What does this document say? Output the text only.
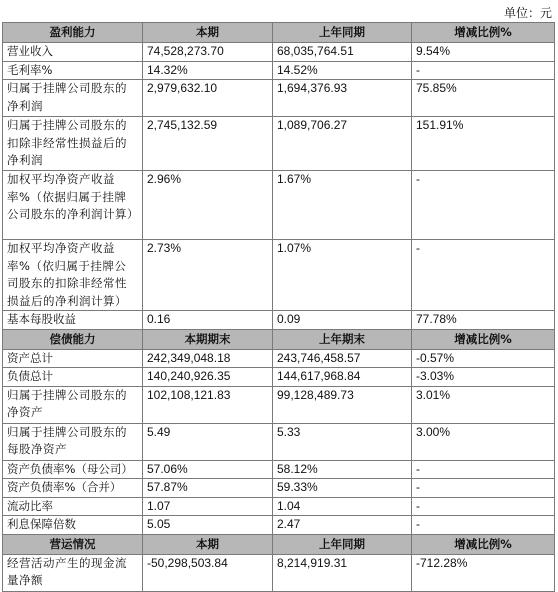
单位：元
盈利能力	本期	上年同期	增减比例%
营业收入	74,528,273.70	68,035,764.51	9.54%
毛利率%	14.32%	14.52%	-
归属于挂牌公司股东的净利润	2,979,632.10	1,694,376.93	75.85%
归属于挂牌公司股东的扣除非经常性损益后的净利润	2,745,132.59	1,089,706.27	151.91%
加权平均净资产收益率%（依据归属于挂牌公司股东的净利润计算）	2.96%	1.67%	-
加权平均净资产收益率%（依归属于挂牌公司股东的扣除非经常性损益后的净利润计算）	2.73%	1.07%	-
基本每股收益	0.16	0.09	77.78%
偿债能力	本期期末	上年期末	增减比例%
资产总计	242,349,048.18	243,746,458.57	-0.57%
负债总计	140,240,926.35	144,617,968.84	-3.03%
归属于挂牌公司股东的净资产	102,108,121.83	99,128,489.73	3.01%
归属于挂牌公司股东的每股净资产	5.49	5.33	3.00%
资产负债率%（母公司）	57.06%	58.12%	-
资产负债率%（合并）	57.87%	59.33%	-
流动比率	1.07	1.04	-
利息保障倍数	5.05	2.47	-
营运情况	本期	上年同期	增减比例%
经营活动产生的现金流量净额	-50,298,503.84	8,214,919.31	-712.28%
